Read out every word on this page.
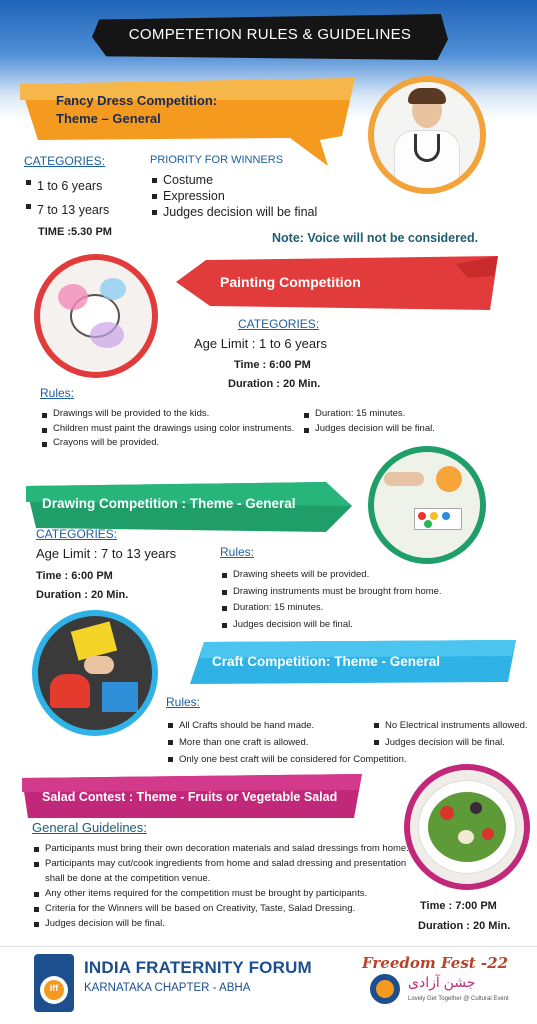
COMPETETION RULES & GUIDELINES
Fancy Dress Competition:
Theme – General
CATEGORIES:
1 to 6 years
7 to 13 years
TIME :5.30 PM
PRIORITY FOR WINNERS
Costume
Expression
Judges decision will be final
Note: Voice will not be considered.
Painting Competition
CATEGORIES:
Age Limit : 1 to 6 years
Time : 6:00 PM
Duration : 20 Min.
Rules:
Drawings will be provided to the kids.
Children must paint the drawings using color instruments.
Crayons will be provided.
Duration: 15 minutes.
Judges decision will be final.
Drawing Competition : Theme - General
CATEGORIES:
Age Limit : 7 to 13 years
Time : 6:00 PM
Duration : 20 Min.
Rules:
Drawing sheets will be provided.
Drawing instruments must be brought from home.
Duration: 15 minutes.
Judges decision will be final.
Craft Competition: Theme - General
Rules:
All Crafts should be hand made.
More than one craft is allowed.
Only one best craft will be considered for Competition.
No Electrical instruments allowed.
Judges decision will be final.
Salad Contest : Theme - Fruits or Vegetable Salad
General Guidelines:
Participants must bring their own decoration materials and salad dressings from home.
Participants may cut/cook ingredients from home and salad dressing and presentation shall be done at the competition venue.
Any other items required for the competition must be brought by participants.
Criteria for the Winners will be based on Creativity, Taste, Salad Dressing.
Judges decision will be final.
Time : 7:00 PM
Duration : 20 Min.
iff
INDIA FRATERNITY FORUM
KARNATAKA CHAPTER - ABHA
Freedom Fest -22
جشن آزادی
Lovely Get Together @ Cultural Event
